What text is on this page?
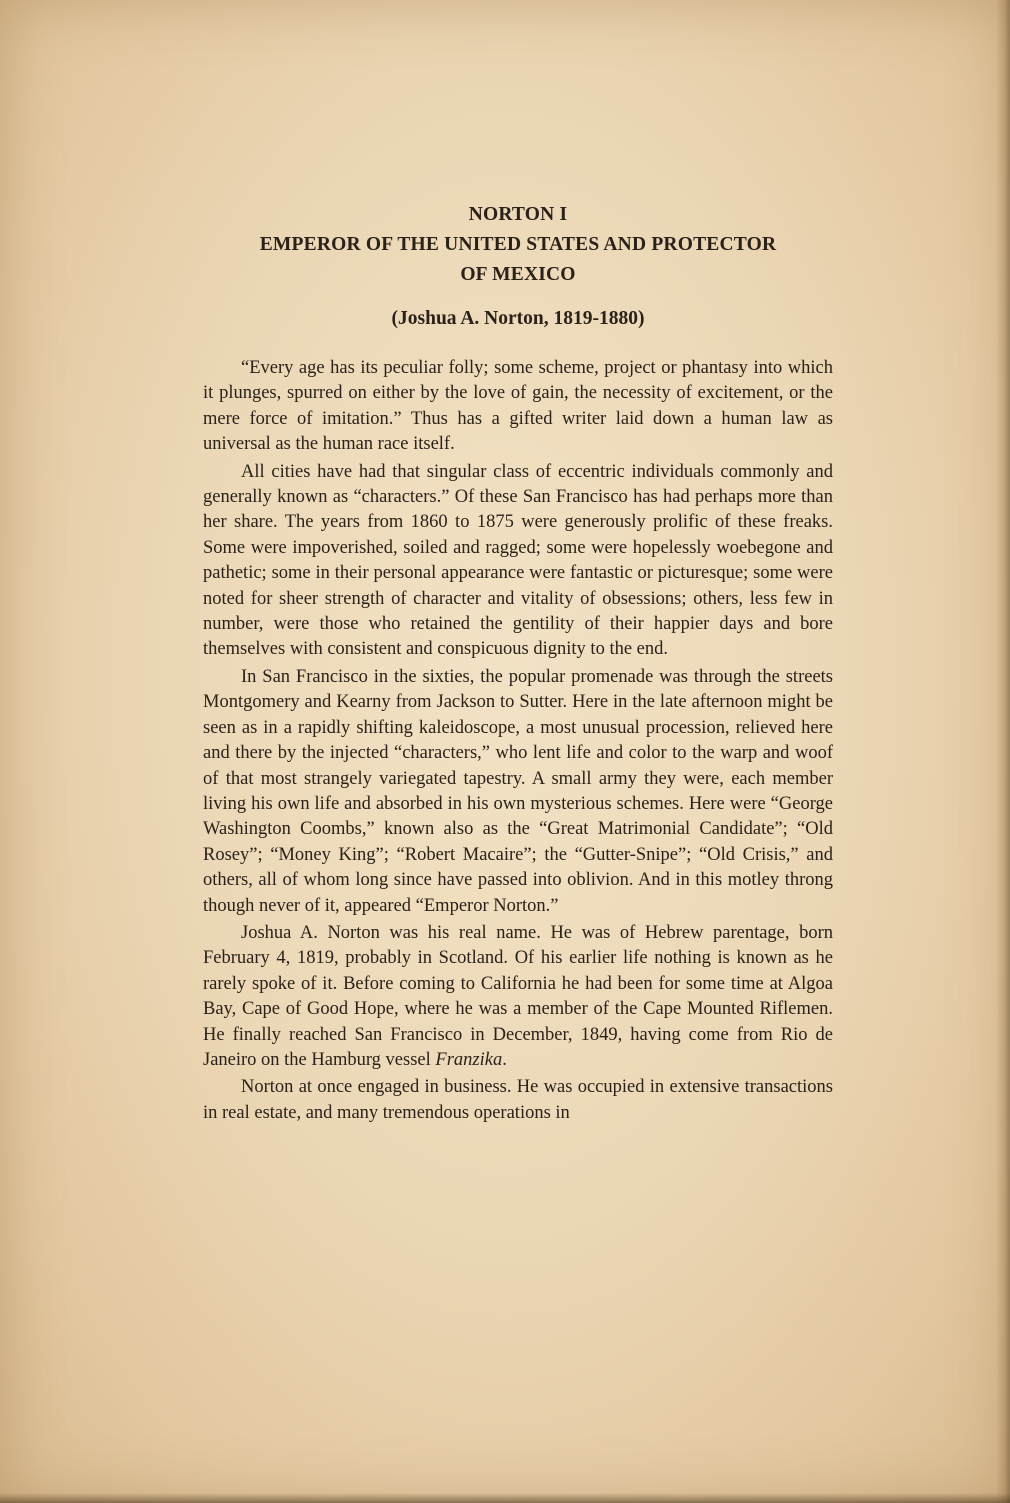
NORTON I
EMPEROR OF THE UNITED STATES AND PROTECTOR
OF MEXICO
(Joshua A. Norton, 1819-1880)

“Every age has its peculiar folly; some scheme, project or phantasy into which it plunges, spurred on either by the love of gain, the necessity of excitement, or the mere force of imitation.” Thus has a gifted writer laid down a human law as universal as the human race itself.

All cities have had that singular class of eccentric individuals commonly and generally known as “characters.” Of these San Francisco has had perhaps more than her share. The years from 1860 to 1875 were generously prolific of these freaks. Some were impoverished, soiled and ragged; some were hopelessly woebegone and pathetic; some in their personal appearance were fantastic or picturesque; some were noted for sheer strength of character and vitality of obsessions; others, less few in number, were those who retained the gentility of their happier days and bore themselves with consistent and conspicuous dignity to the end.

In San Francisco in the sixties, the popular promenade was through the streets Montgomery and Kearny from Jackson to Sutter. Here in the late afternoon might be seen as in a rapidly shifting kaleidoscope, a most unusual procession, relieved here and there by the injected “characters,” who lent life and color to the warp and woof of that most strangely variegated tapestry. A small army they were, each member living his own life and absorbed in his own mysterious schemes. Here were “George Washington Coombs,” known also as the “Great Matrimonial Candidate”; “Old Rosey”; “Money King”; “Robert Macaire”; the “Gutter-Snipe”; “Old Crisis,” and others, all of whom long since have passed into oblivion. And in this motley throng though never of it, appeared “Emperor Norton.”

Joshua A. Norton was his real name. He was of Hebrew parentage, born February 4, 1819, probably in Scotland. Of his earlier life nothing is known as he rarely spoke of it. Before coming to California he had been for some time at Algoa Bay, Cape of Good Hope, where he was a member of the Cape Mounted Riflemen. He finally reached San Francisco in December, 1849, having come from Rio de Janeiro on the Hamburg vessel Franzika.

Norton at once engaged in business. He was occupied in extensive transactions in real estate, and many tremendous operations in
